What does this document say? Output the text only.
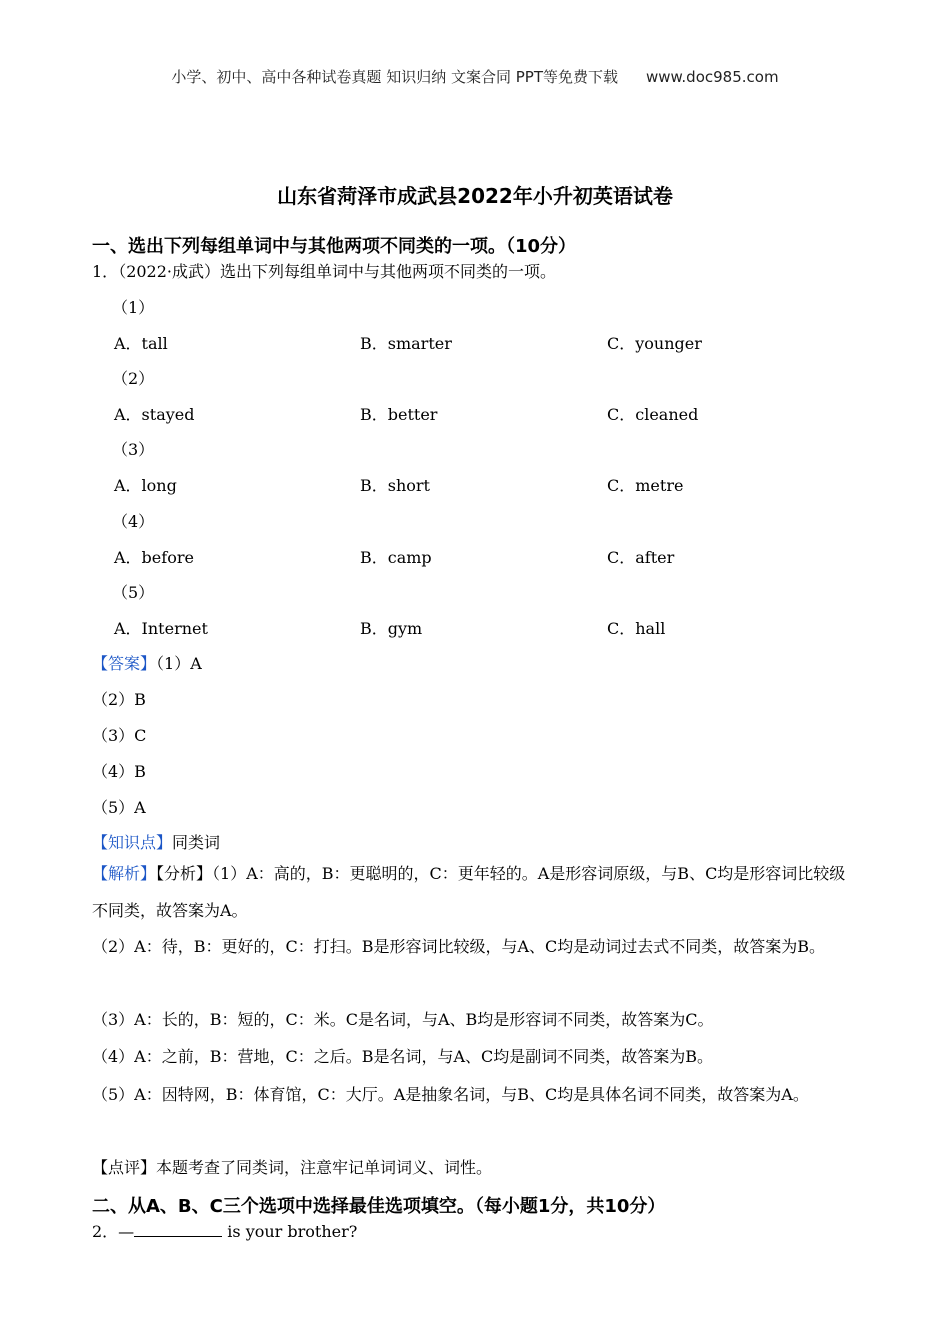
小学、初中、高中各种试卷真题 知识归纳 文案合同 PPT等免费下载 www.doc985.com
山东省菏泽市成武县2022年小升初英语试卷
一、选出下列每组单词中与其他两项不同类的一项。（10分）
1．（2022·成武）选出下列每组单词中与其他两项不同类的一项。
（1）
A．tall	B．smarter	C．younger
（2）
A．stayed	B．better	C．cleaned
（3）
A．long	B．short	C．metre
（4）
A．before	B．camp	C．after
（5）
A．Internet	B．gym	C．hall
【答案】（1）A
（2）B
（3）C
（4）B
（5）A
【知识点】同类词
【解析】【分析】（1）A：高的，B：更聪明的，C：更年轻的。A是形容词原级，与B、C均是形容词比较级不同类，故答案为A。
（2）A：待，B：更好的，C：打扫。B是形容词比较级，与A、C均是动词过去式不同类，故答案为B。
（3）A：长的，B：短的，C：米。C是名词，与A、B均是形容词不同类，故答案为C。
（4）A：之前，B：营地，C：之后。B是名词，与A、C均是副词不同类，故答案为B。
（5）A：因特网，B：体育馆，C：大厅。A是抽象名词，与B、C均是具体名词不同类，故答案为A。
【点评】本题考查了同类词，注意牢记单词词义、词性。
二、从A、B、C三个选项中选择最佳选项填空。（每小题1分，共10分）
2．—	is your brother?
